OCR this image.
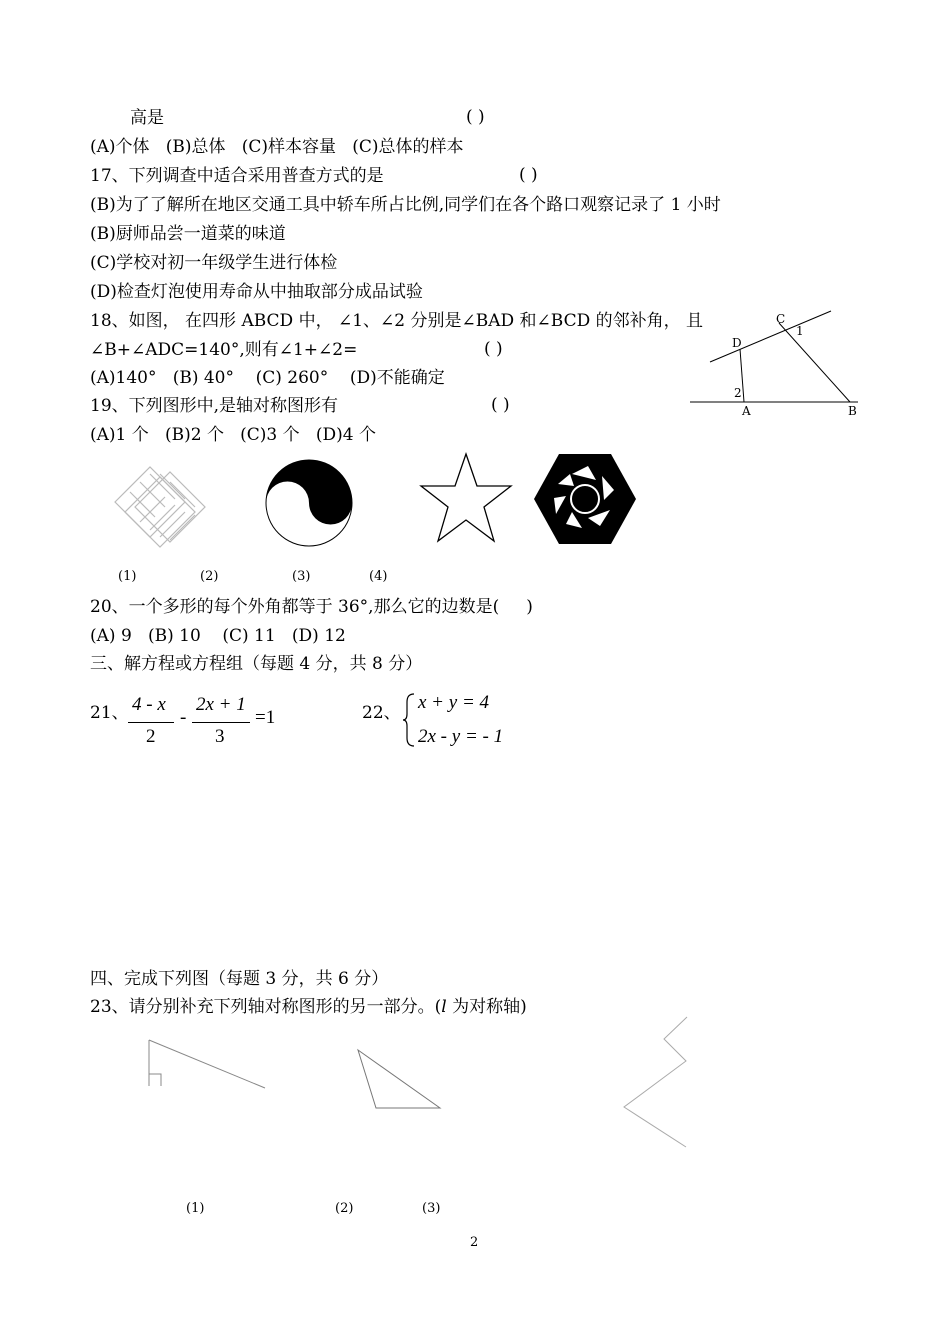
高是	( )
(A)个体   (B)总体   (C)样本容量   (C)总体的样本
17、下列调查中适合采用普查方式的是	( )
(B)为了了解所在地区交通工具中轿车所占比例,同学们在各个路口观察记录了 1 小时
(B)厨师品尝一道菜的味道
(C)学校对初一年级学生进行体检
(D)检查灯泡使用寿命从中抽取部分成品试验
18、如图， 在四形 ABCD 中， ∠1、∠2 分别是∠BAD 和∠BCD 的邻补角， 且
∠B+∠ADC=140°,则有∠1+∠2=	( )
(A)140°   (B) 40°    (C) 260°    (D)不能确定
C
1
D
2
A	B
19、下列图形中,是轴对称图形有	( )
(A)1 个   (B)2 个   (C)3 个   (D)4 个
(1)	(2)	(3)	(4)
20、一个多形的每个外角都等于 36°,那么它的边数是(     )
(A) 9   (B) 10    (C) 11   (D) 12
三、解方程或方程组（每题 4 分，共 8 分）
21、 4 - x
2
-
2x + 1
3
=1	22、 x + y = 4
2x - y = - 1
四、完成下列图（每题 3 分，共 6 分）
23、请分别补充下列轴对称图形的另一部分。(l 为对称轴)
(1)	(2)	(3)
2
